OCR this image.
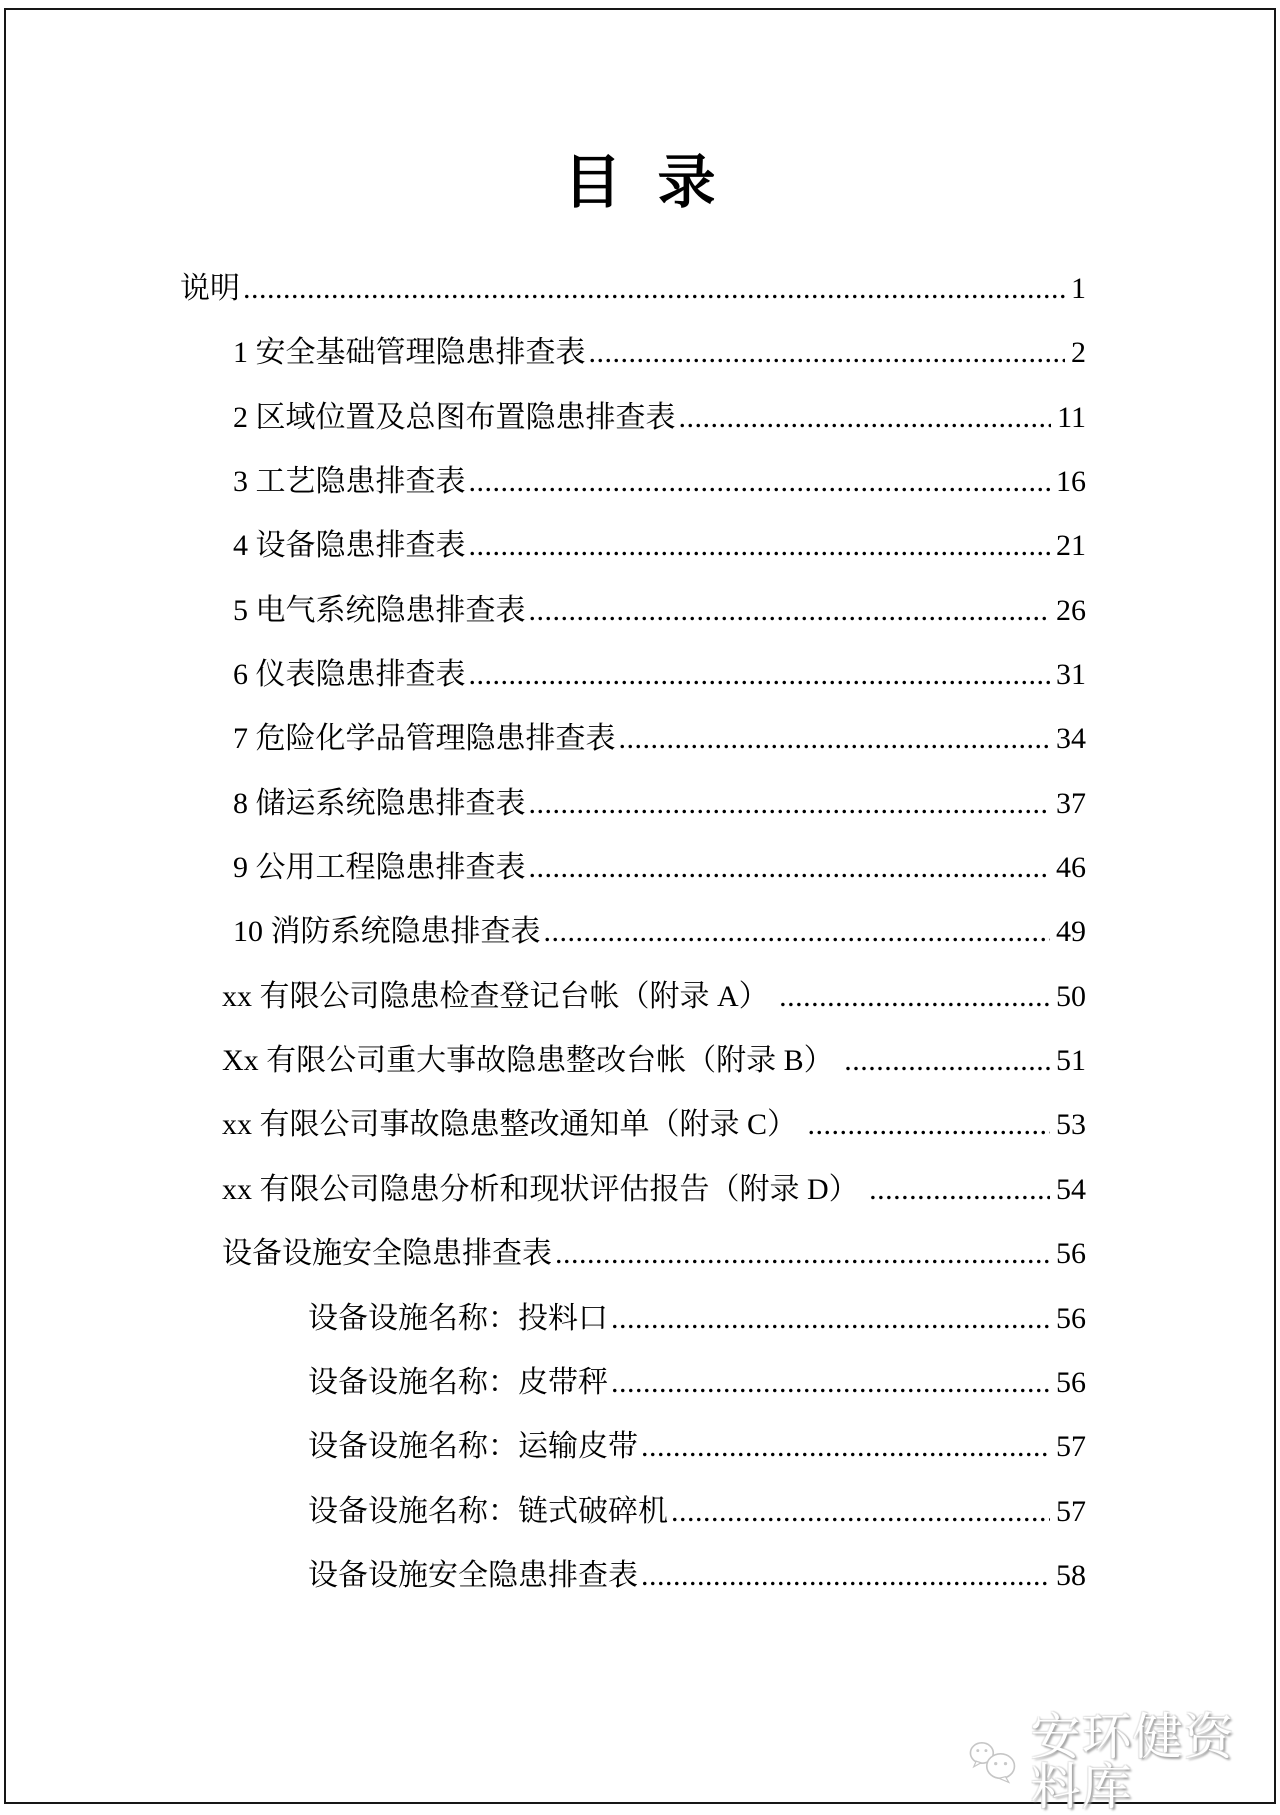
目 录
说明 .....	1
1 安全基础管理隐患排查表 .....	2
2 区域位置及总图布置隐患排查表 .....	11
3 工艺隐患排查表 .....	16
4 设备隐患排查表 .....	21
5 电气系统隐患排查表 .....	26
6 仪表隐患排查表 .....	31
7 危险化学品管理隐患排查表 .....	34
8 储运系统隐患排查表 .....	37
9 公用工程隐患排查表 .....	46
10 消防系统隐患排查表 .....	49
xx 有限公司隐患检查登记台帐（附录 A） .....	50
Xx 有限公司重大事故隐患整改台帐（附录 B） .....	51
xx 有限公司事故隐患整改通知单（附录 C） .....	53
xx 有限公司隐患分析和现状评估报告（附录 D） .....	54
设备设施安全隐患排查表 .....	56
设备设施名称：投料口 .....	56
设备设施名称：皮带秤 .....	56
设备设施名称：运输皮带 .....	57
设备设施名称：链式破碎机 .....	57
设备设施安全隐患排查表 .....	58
安环健资料库
